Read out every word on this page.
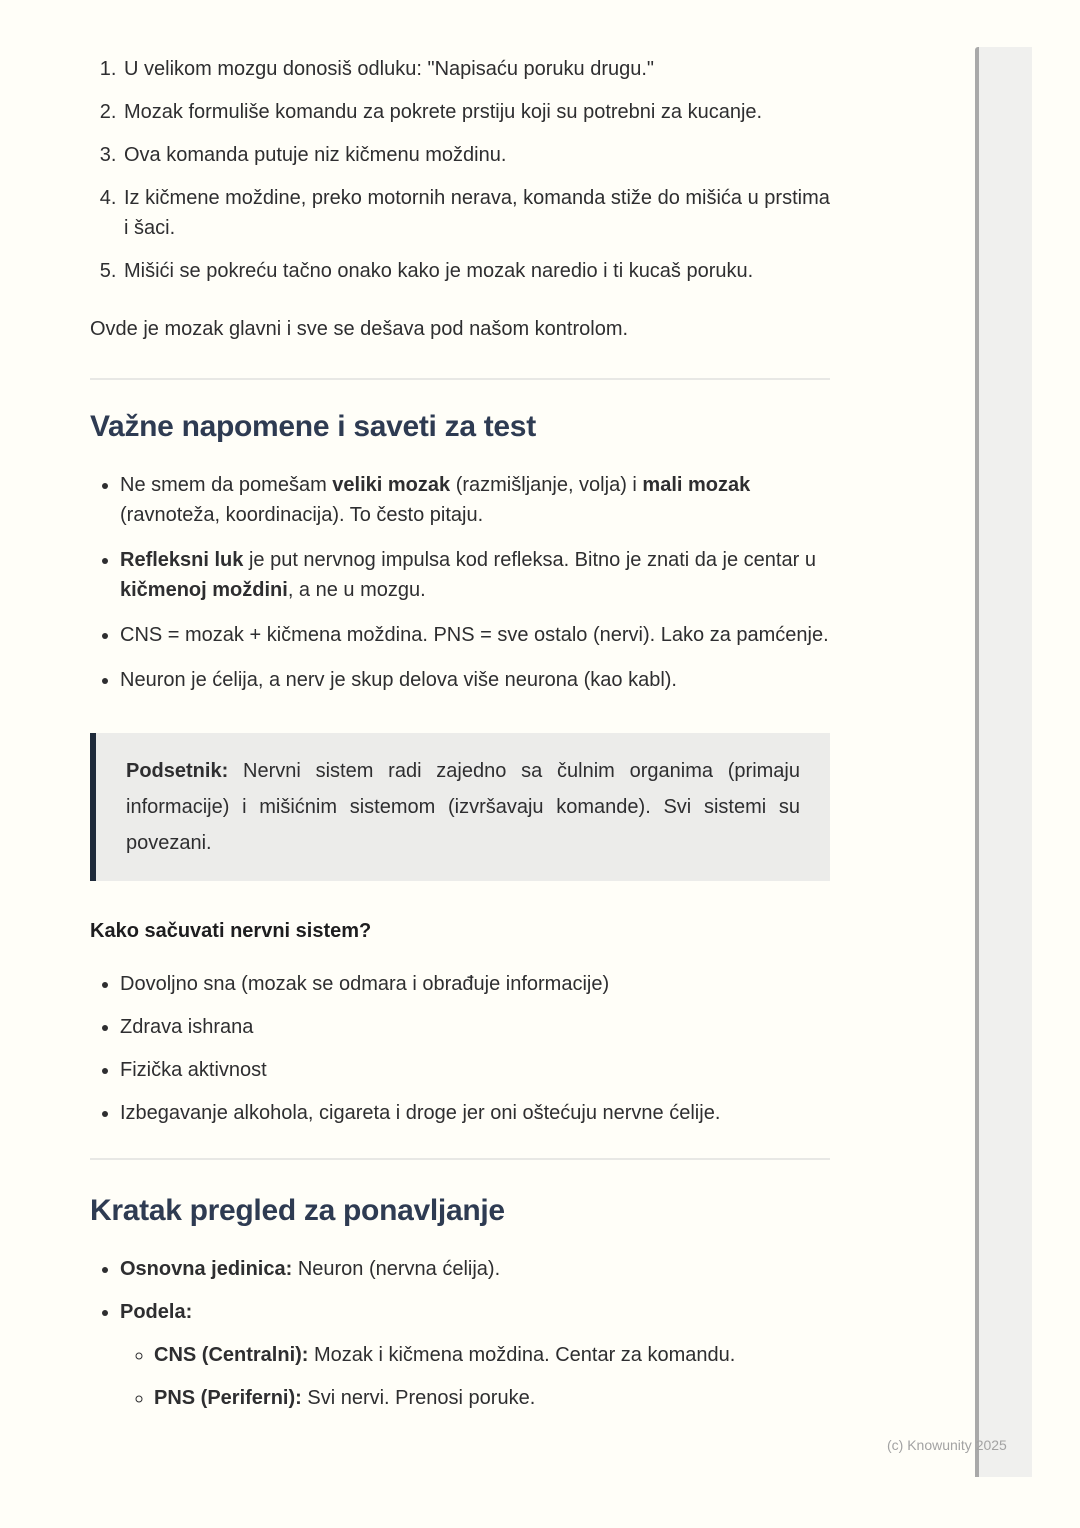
1. U velikom mozgu donosiš odluku: "Napisaću poruku drugu."
2. Mozak formuliše komandu za pokrete prstiju koji su potrebni za kucanje.
3. Ova komanda putuje niz kičmenu moždinu.
4. Iz kičmene moždine, preko motornih nerava, komanda stiže do mišića u prstima i šaci.
5. Mišići se pokreću tačno onako kako je mozak naredio i ti kucaš poruku.

Ovde je mozak glavni i sve se dešava pod našom kontrolom.

Važne napomene i saveti za test
• Ne smem da pomešam veliki mozak (razmišljanje, volja) i mali mozak (ravnoteža, koordinacija). To često pitaju.
• Refleksni luk je put nervnog impulsa kod refleksa. Bitno je znati da je centar u kičmenoj moždini, a ne u mozgu.
• CNS = mozak + kičmena moždina. PNS = sve ostalo (nervi). Lako za pamćenje.
• Neuron je ćelija, a nerv je skup delova više neurona (kao kabl).
Podsetnik: Nervni sistem radi zajedno sa čulnim organima (primaju informacije) i mišićnim sistemom (izvršavaju komande). Svi sistemi su povezani.
Kako sačuvati nervni sistem?
• Dovoljno sna (mozak se odmara i obrađuje informacije)
• Zdrava ishrana
• Fizička aktivnost
• Izbegavanje alkohola, cigareta i droge jer oni oštećuju nervne ćelije.
Kratak pregled za ponavljanje
• Osnovna jedinica: Neuron (nervna ćelija).
• Podela:
◦ CNS (Centralni): Mozak i kičmena moždina. Centar za komandu.
◦ PNS (Periferni): Svi nervi. Prenosi poruke.
(c) Knowunity 2025
